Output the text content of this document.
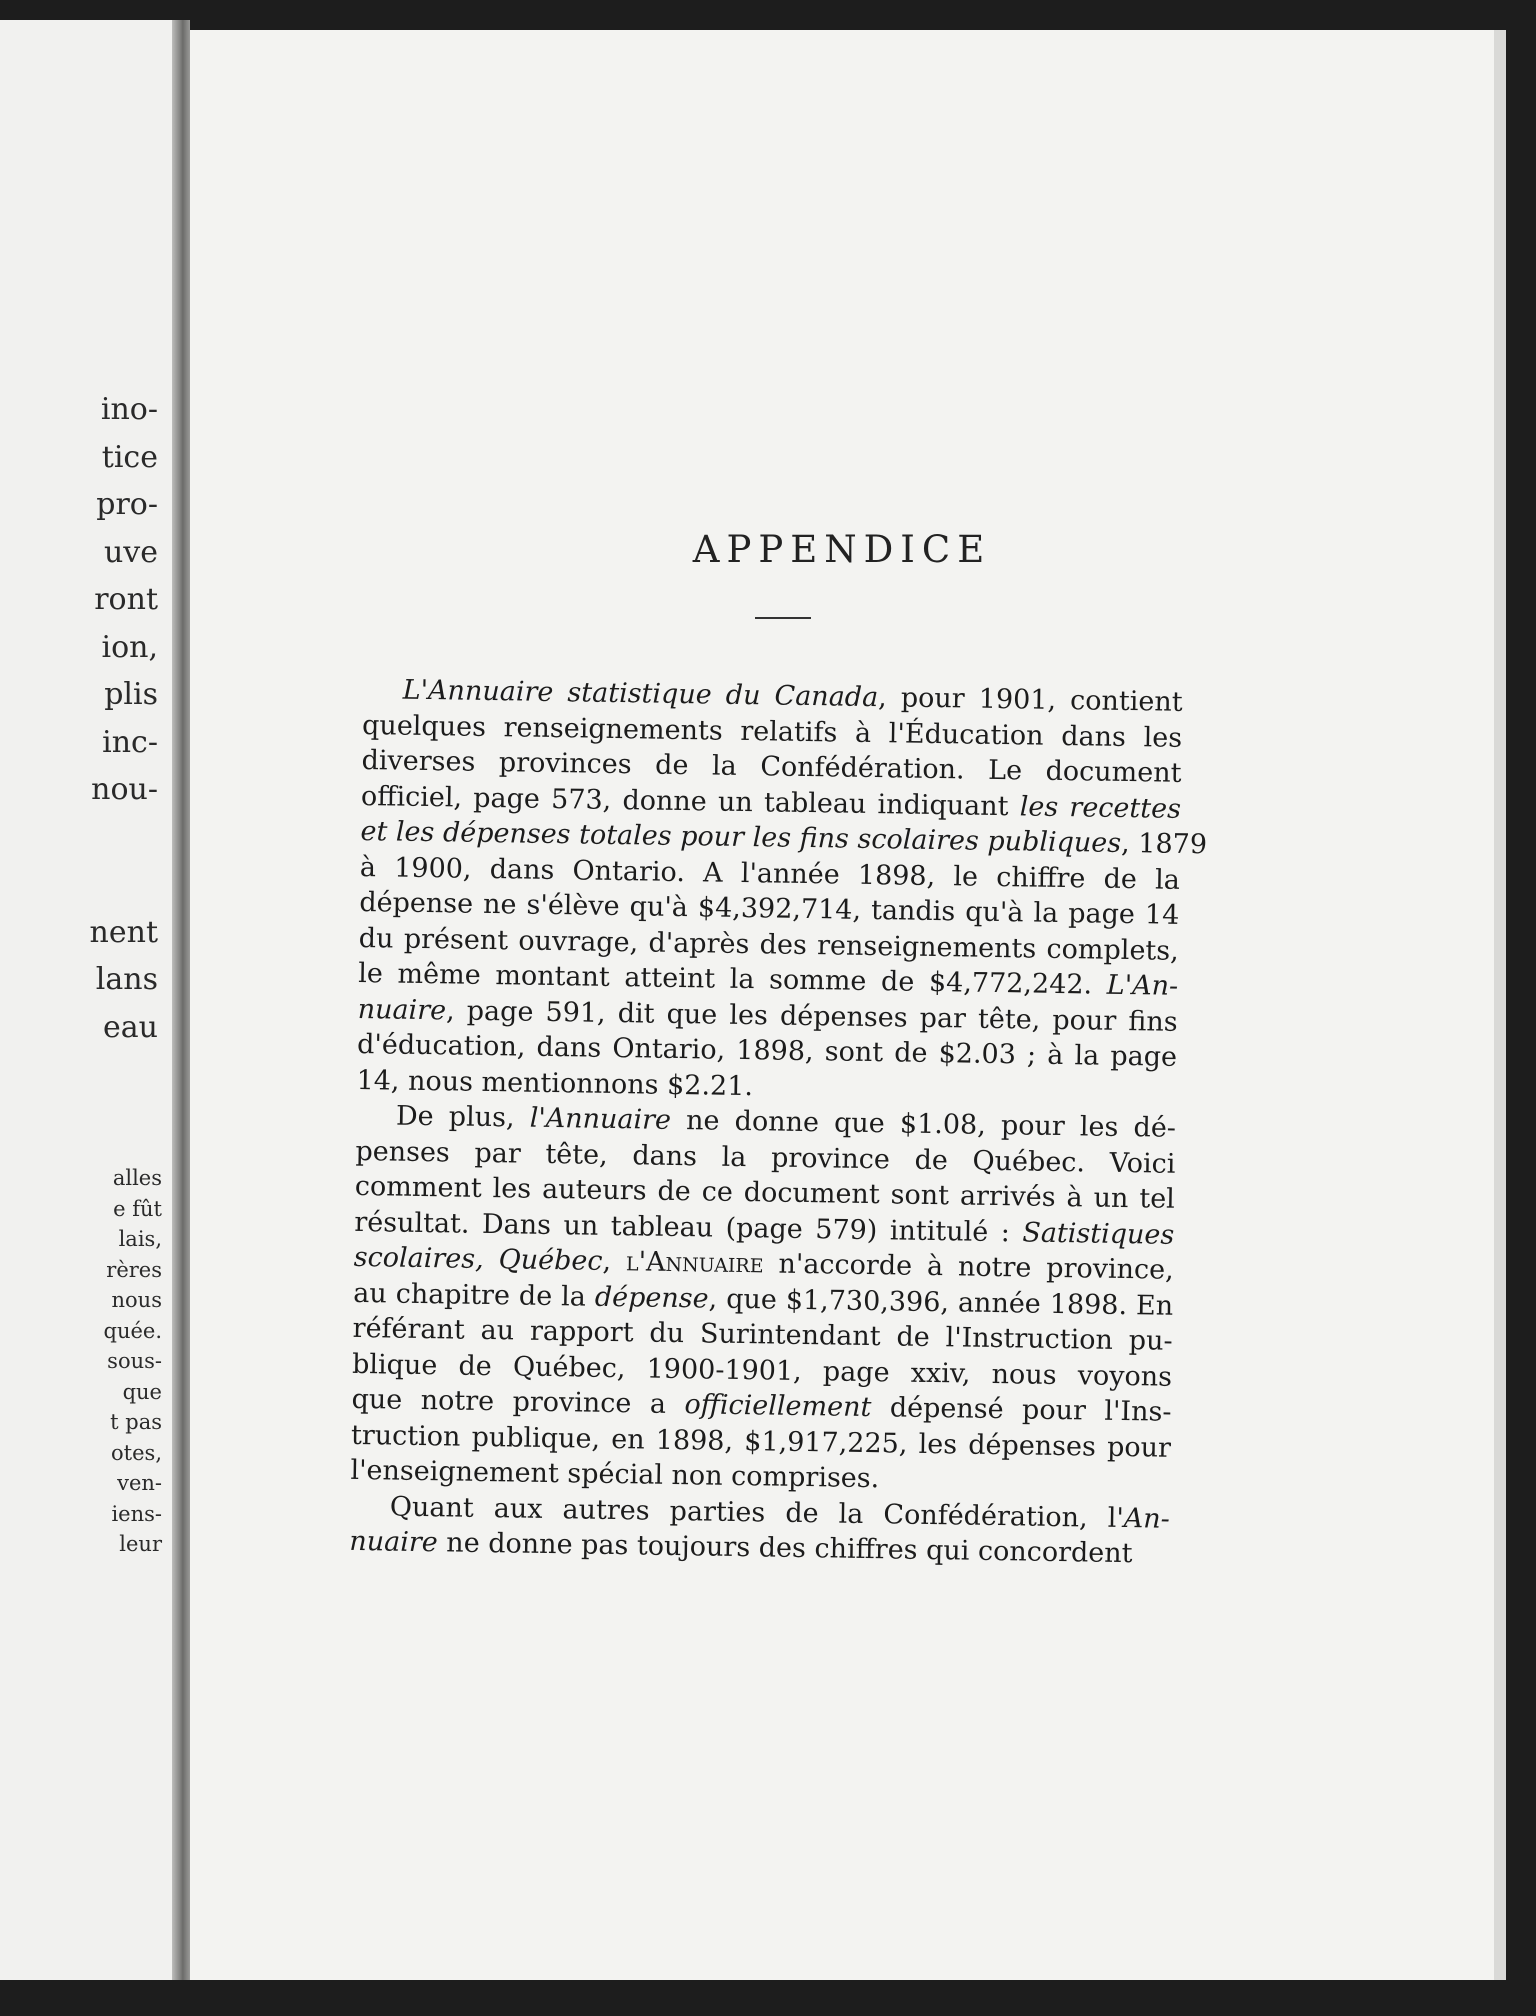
ino-
tice
pro-
uve
ront
ion,
plis
inc-
nou-
nent
lans
eau
alles
e fût
lais,
rères
nous
quée.
sous-
que
t pas
otes,
ven-
iens-
leur
APPENDICE

L'Annuaire statistique du Canada, pour 1901, contient
quelques renseignements relatifs à l'Éducation dans les
diverses provinces de la Confédération. Le document
officiel, page 573, donne un tableau indiquant les recettes
et les dépenses totales pour les fins scolaires publiques, 1879
à 1900, dans Ontario. A l'année 1898, le chiffre de la
dépense ne s'élève qu'à $4,392,714, tandis qu'à la page 14
du présent ouvrage, d'après des renseignements complets,
le même montant atteint la somme de $4,772,242. L'An-
nuaire, page 591, dit que les dépenses par tête, pour fins
d'éducation, dans Ontario, 1898, sont de $2.03 ; à la page
14, nous mentionnons $2.21.

De plus, l'Annuaire ne donne que $1.08, pour les dé-
penses par tête, dans la province de Québec. Voici
comment les auteurs de ce document sont arrivés à un tel
résultat. Dans un tableau (page 579) intitulé : Satistiques
scolaires, Québec, l'Annuaire n'accorde à notre province,
au chapitre de la dépense, que $1,730,396, année 1898. En
référant au rapport du Surintendant de l'Instruction pu-
blique de Québec, 1900-1901, page xxiv, nous voyons
que notre province a officiellement dépensé pour l'Ins-
truction publique, en 1898, $1,917,225, les dépenses pour
l'enseignement spécial non comprises.

Quant aux autres parties de la Confédération, l'An-
nuaire ne donne pas toujours des chiffres qui concordent
